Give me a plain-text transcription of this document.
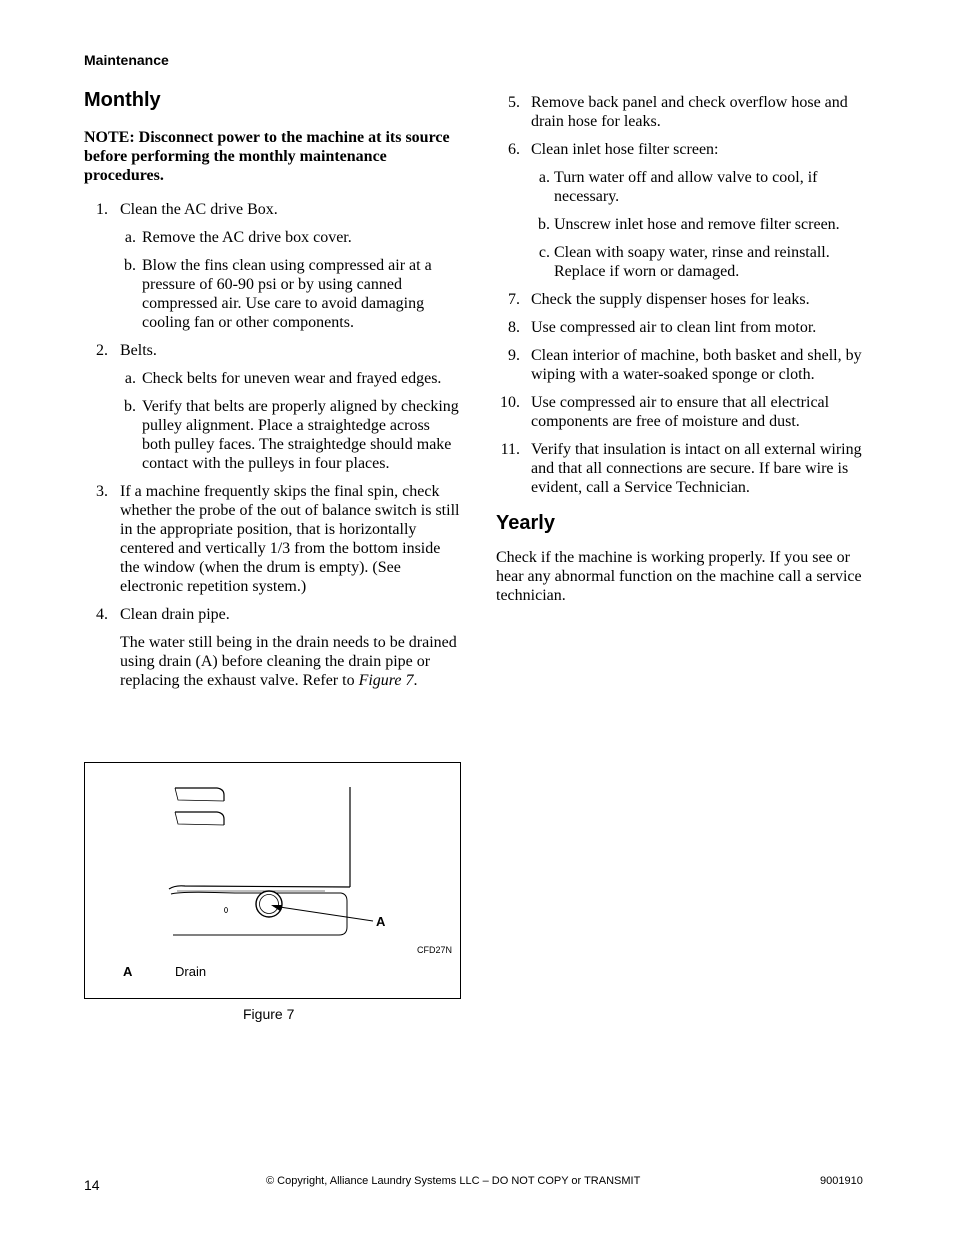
Maintenance
Monthly

NOTE: Disconnect power to the machine at its source before performing the monthly maintenance procedures.

1. Clean the AC drive Box.
a. Remove the AC drive box cover.
b. Blow the fins clean using compressed air at a pressure of 60-90 psi or by using canned compressed air. Use care to avoid damaging cooling fan or other components.
2. Belts.
a. Check belts for uneven wear and frayed edges.
b. Verify that belts are properly aligned by checking pulley alignment. Place a straightedge across both pulley faces. The straightedge should make contact with the pulleys in four places.
3. If a machine frequently skips the final spin, check whether the probe of the out of balance switch is still in the appropriate position, that is horizontally centered and vertically 1/3 from the bottom inside the window (when the drum is empty). (See electronic repetition system.)
4. Clean drain pipe.

The water still being in the drain needs to be drained using drain (A) before cleaning the drain pipe or replacing the exhaust valve. Refer to Figure 7.

A
CFD27N
A	Drain
Figure 7
5. Remove back panel and check overflow hose and drain hose for leaks.
6. Clean inlet hose filter screen:
a. Turn water off and allow valve to cool, if necessary.
b. Unscrew inlet hose and remove filter screen.
c. Clean with soapy water, rinse and reinstall. Replace if worn or damaged.
7. Check the supply dispenser hoses for leaks.
8. Use compressed air to clean lint from motor.
9. Clean interior of machine, both basket and shell, by wiping with a water-soaked sponge or cloth.
10. Use compressed air to ensure that all electrical components are free of moisture and dust.
11. Verify that insulation is intact on all external wiring and that all connections are secure. If bare wire is evident, call a Service Technician.
Yearly

Check if the machine is working properly. If you see or hear any abnormal function on the machine call a service technician.

14	© Copyright, Alliance Laundry Systems LLC – DO NOT COPY or TRANSMIT	9001910
